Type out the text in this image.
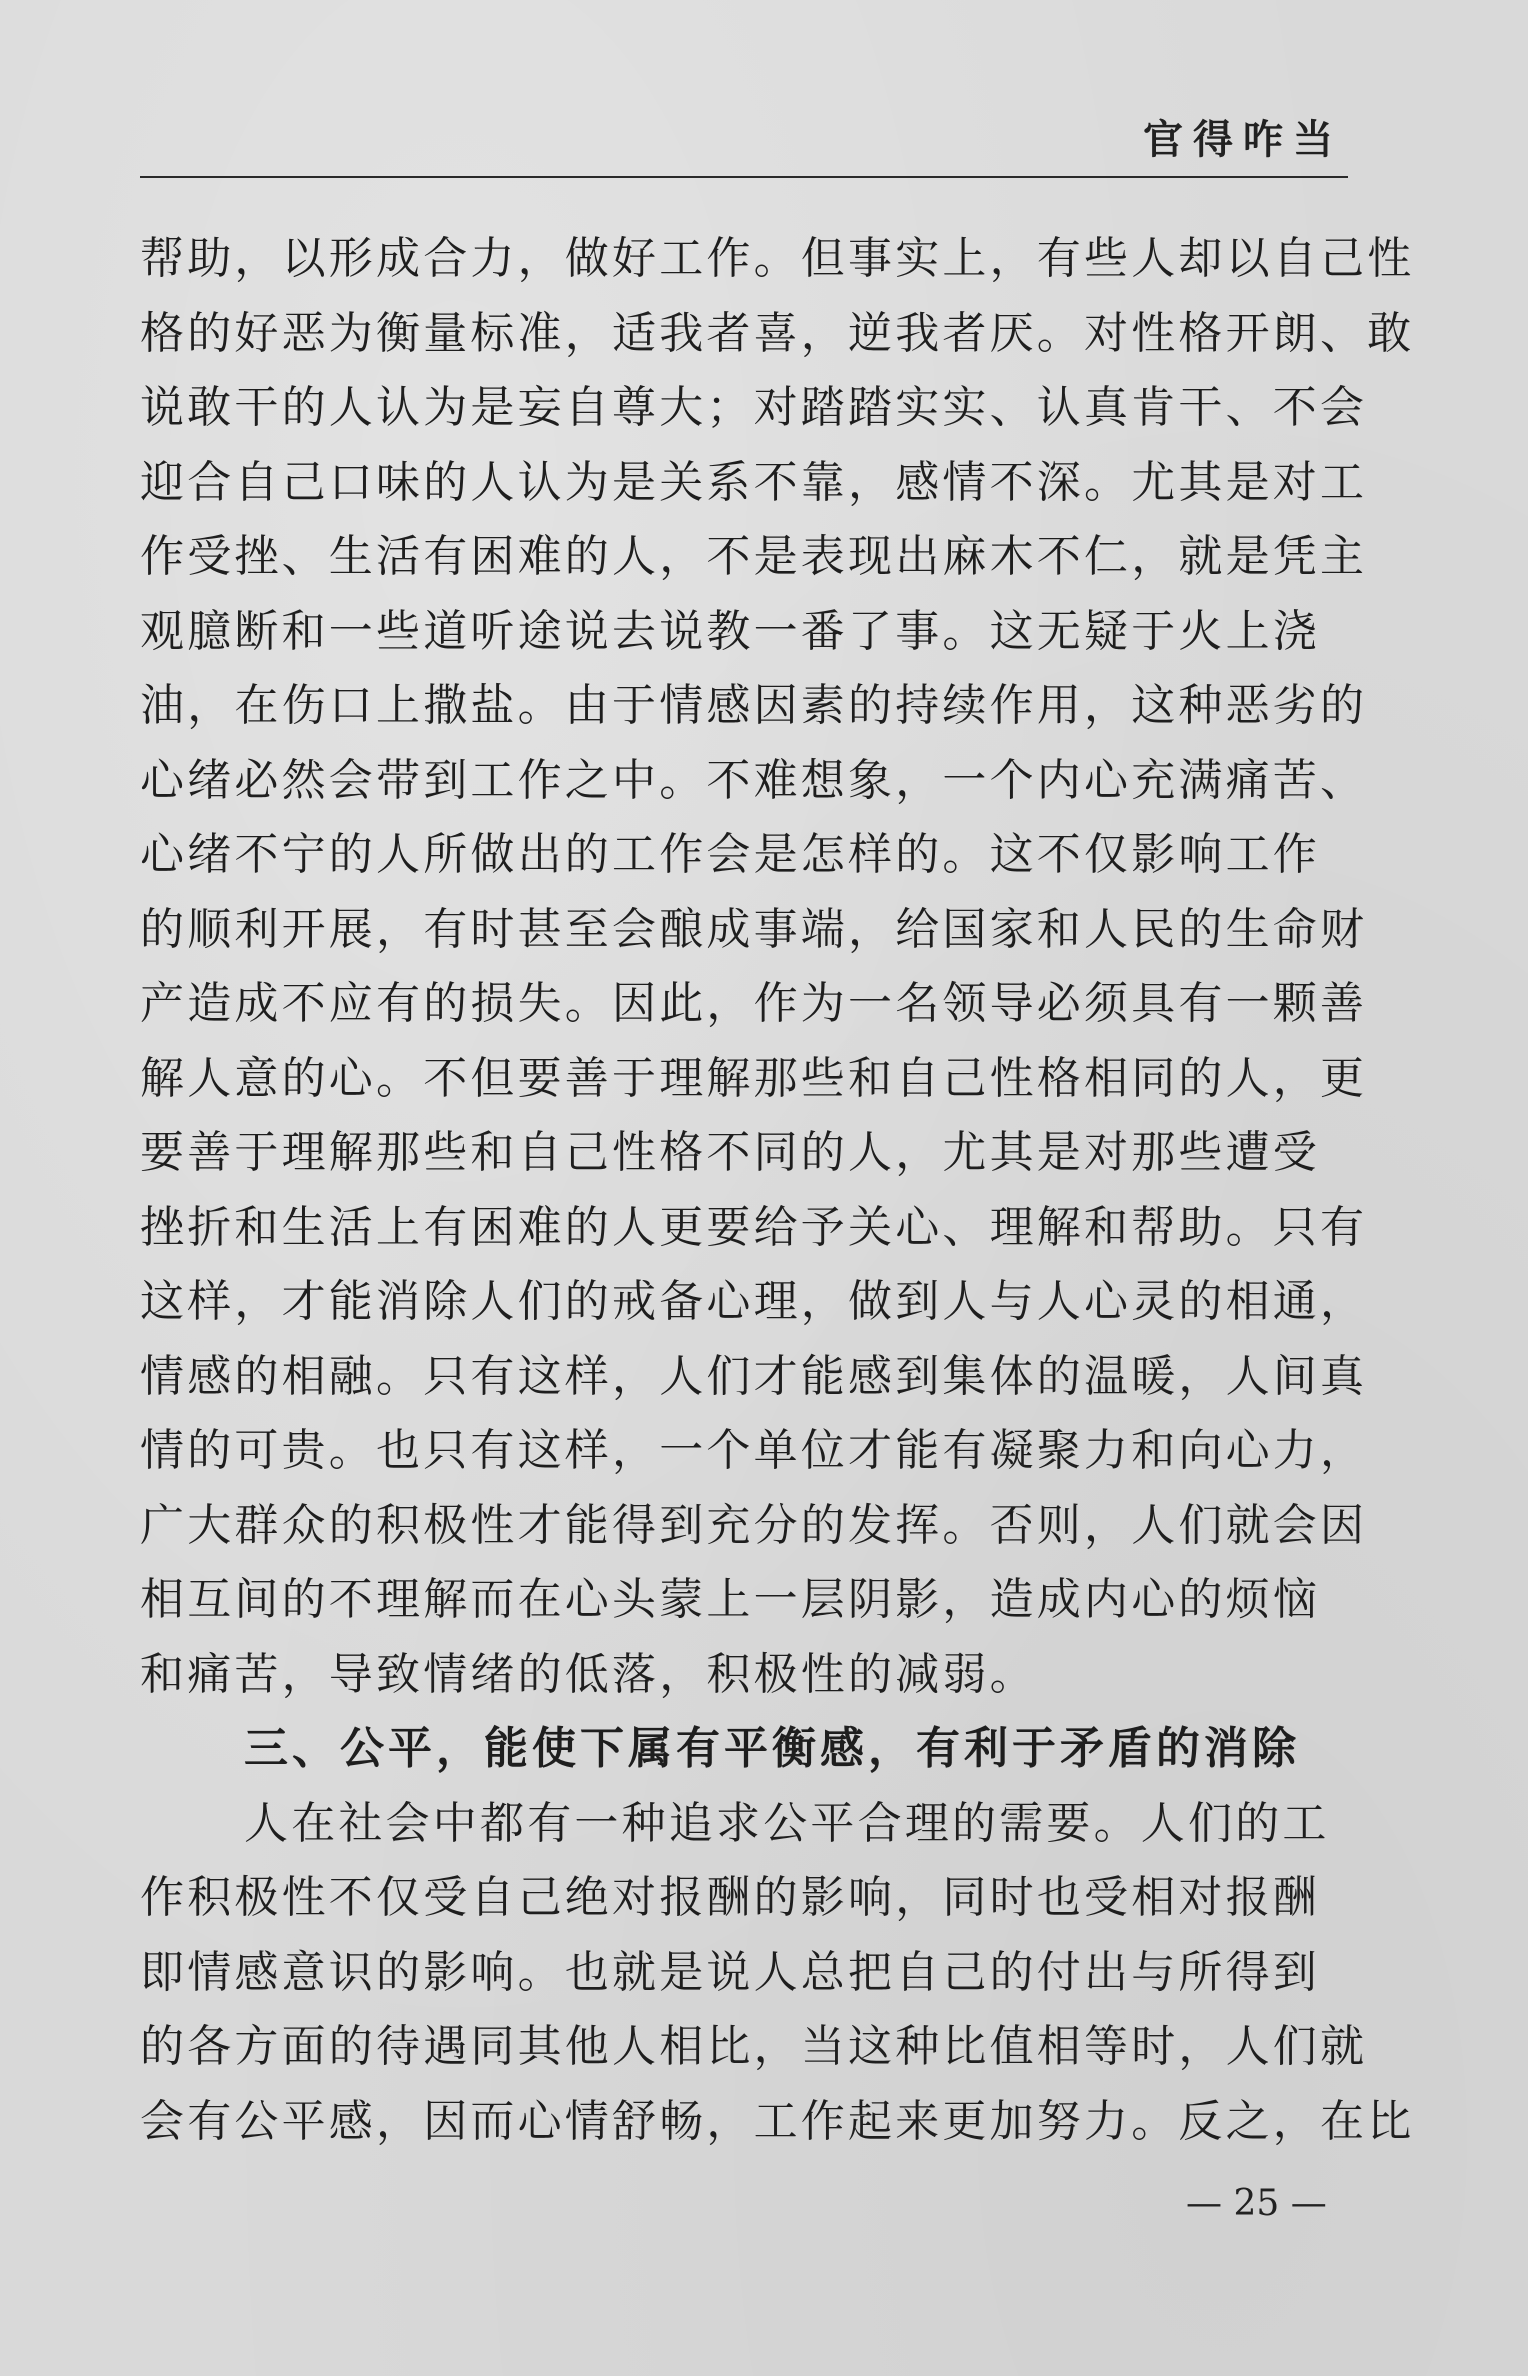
官得咋当
帮助，以形成合力，做好工作。但事实上，有些人却以自己性
格的好恶为衡量标准，适我者喜，逆我者厌。对性格开朗、敢
说敢干的人认为是妄自尊大；对踏踏实实、认真肯干、不会
迎合自己口味的人认为是关系不靠，感情不深。尤其是对工
作受挫、生活有困难的人，不是表现出麻木不仁，就是凭主
观臆断和一些道听途说去说教一番了事。这无疑于火上浇
油，在伤口上撒盐。由于情感因素的持续作用，这种恶劣的
心绪必然会带到工作之中。不难想象，一个内心充满痛苦、
心绪不宁的人所做出的工作会是怎样的。这不仅影响工作
的顺利开展，有时甚至会酿成事端，给国家和人民的生命财
产造成不应有的损失。因此，作为一名领导必须具有一颗善
解人意的心。不但要善于理解那些和自己性格相同的人，更
要善于理解那些和自己性格不同的人，尤其是对那些遭受
挫折和生活上有困难的人更要给予关心、理解和帮助。只有
这样，才能消除人们的戒备心理，做到人与人心灵的相通，
情感的相融。只有这样，人们才能感到集体的温暖，人间真
情的可贵。也只有这样，一个单位才能有凝聚力和向心力，
广大群众的积极性才能得到充分的发挥。否则，人们就会因
相互间的不理解而在心头蒙上一层阴影，造成内心的烦恼
和痛苦，导致情绪的低落，积极性的减弱。
三、公平，能使下属有平衡感，有利于矛盾的消除
人在社会中都有一种追求公平合理的需要。人们的工
作积极性不仅受自己绝对报酬的影响，同时也受相对报酬
即情感意识的影响。也就是说人总把自己的付出与所得到
的各方面的待遇同其他人相比，当这种比值相等时，人们就
会有公平感，因而心情舒畅，工作起来更加努力。反之，在比
— 25 —
